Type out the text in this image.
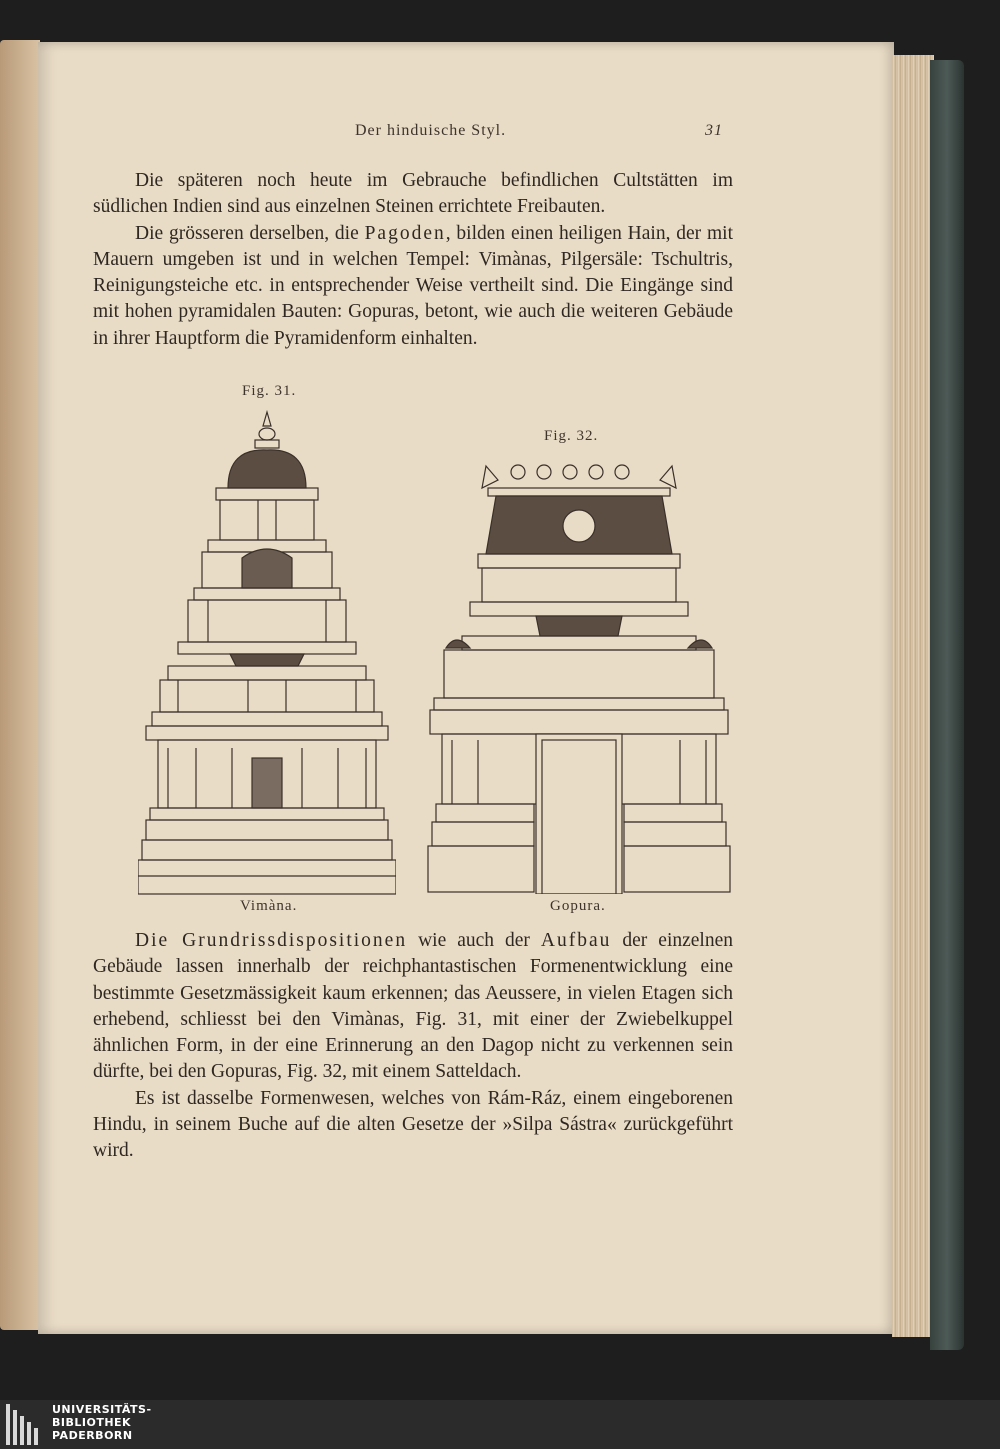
Der hinduische Styl.	31

Die späteren noch heute im Gebrauche befindlichen Cultstätten im südlichen Indien sind aus einzelnen Steinen errichtete Freibauten.

Die grösseren derselben, die Pagoden, bilden einen heiligen Hain, der mit Mauern umgeben ist und in welchen Tempel: Vimànas, Pilgersäle: Tschultris, Reinigungsteiche etc. in entsprechender Weise vertheilt sind. Die Eingänge sind mit hohen pyramidalen Bauten: Gopuras, betont, wie auch die weiteren Gebäude in ihrer Hauptform die Pyramidenform einhalten.

Fig. 31.
Fig. 32.
Vimàna.	Gopura.

Die Grundrissdispositionen wie auch der Aufbau der einzelnen Gebäude lassen innerhalb der reichphantastischen Formenentwicklung eine bestimmte Gesetzmässigkeit kaum erkennen; das Aeussere, in vielen Etagen sich erhebend, schliesst bei den Vimànas, Fig. 31, mit einer der Zwiebelkuppel ähnlichen Form, in der eine Erinnerung an den Dagop nicht zu verkennen sein dürfte, bei den Gopuras, Fig. 32, mit einem Satteldach.

Es ist dasselbe Formenwesen, welches von Rám-Ráz, einem eingeborenen Hindu, in seinem Buche auf die alten Gesetze der »Silpa Sástra« zurückgeführt wird.

UNIVERSITÄTS-
BIBLIOTHEK
PADERBORN
